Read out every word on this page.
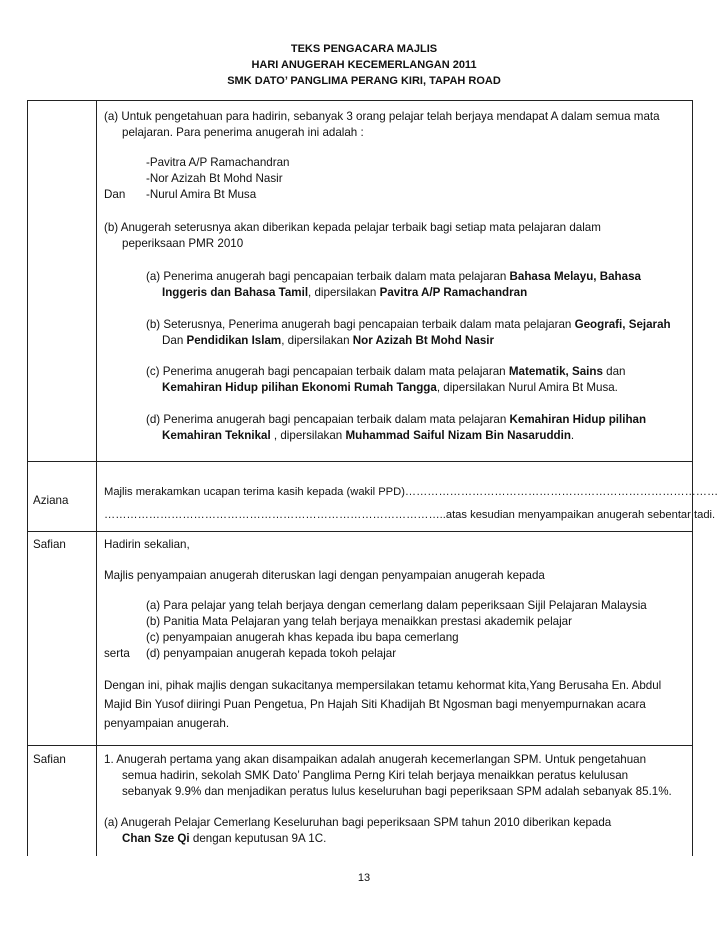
TEKS PENGACARA MAJLIS
HARI ANUGERAH KECEMERLANGAN 2011
SMK DATO’ PANGLIMA PERANG KIRI, TAPAH ROAD
(a) Untuk pengetahuan para hadirin, sebanyak 3 orang pelajar telah berjaya mendapat A dalam semua mata
pelajaran. Para penerima anugerah ini adalah :
-Pavitra A/P Ramachandran
-Nor Azizah Bt Mohd Nasir
Dan -Nurul Amira Bt Musa
(b) Anugerah seterusnya akan diberikan kepada pelajar terbaik bagi setiap mata pelajaran dalam
peperiksaan PMR 2010
(a) Penerima anugerah bagi pencapaian terbaik dalam mata pelajaran Bahasa Melayu, Bahasa
Inggeris dan Bahasa Tamil, dipersilakan Pavitra A/P Ramachandran
(b) Seterusnya, Penerima anugerah bagi pencapaian terbaik dalam mata pelajaran Geografi, Sejarah
Dan Pendidikan Islam, dipersilakan Nor Azizah Bt Mohd Nasir
(c) Penerima anugerah bagi pencapaian terbaik dalam mata pelajaran Matematik, Sains dan
Kemahiran Hidup pilihan Ekonomi Rumah Tangga, dipersilakan Nurul Amira Bt Musa.
(d) Penerima anugerah bagi pencapaian terbaik dalam mata pelajaran Kemahiran Hidup pilihan
Kemahiran Teknikal , dipersilakan Muhammad Saiful Nizam Bin Nasaruddin.
Aziana
Majlis merakamkan ucapan terima kasih kepada (wakil PPD)…………………………………………………………………………
………………………………………………………………………………..atas kesudian menyampaikan anugerah sebentar tadi.
Safian	Hadirin sekalian,
Majlis penyampaian anugerah diteruskan lagi dengan penyampaian anugerah kepada
(a) Para pelajar yang telah berjaya dengan cemerlang dalam peperiksaan Sijil Pelajaran Malaysia
(b) Panitia Mata Pelajaran yang telah berjaya menaikkan prestasi akademik pelajar
(c) penyampaian anugerah khas kepada ibu bapa cemerlang
serta (d) penyampaian anugerah kepada tokoh pelajar
Dengan ini, pihak majlis dengan sukacitanya mempersilakan tetamu kehormat kita,Yang Berusaha En. Abdul
Majid Bin Yusof diiringi Puan Pengetua, Pn Hajah Siti Khadijah Bt Ngosman bagi menyempurnakan acara
penyampaian anugerah.
Safian	1. Anugerah pertama yang akan disampaikan adalah anugerah kecemerlangan SPM. Untuk pengetahuan
semua hadirin, sekolah SMK Dato’ Panglima Perng Kiri telah berjaya menaikkan peratus kelulusan
sebanyak 9.9% dan menjadikan peratus lulus keseluruhan bagi peperiksaan SPM adalah sebanyak 85.1%.
(a) Anugerah Pelajar Cemerlang Keseluruhan bagi peperiksaan SPM tahun 2010 diberikan kepada
Chan Sze Qi dengan keputusan 9A 1C.
13
